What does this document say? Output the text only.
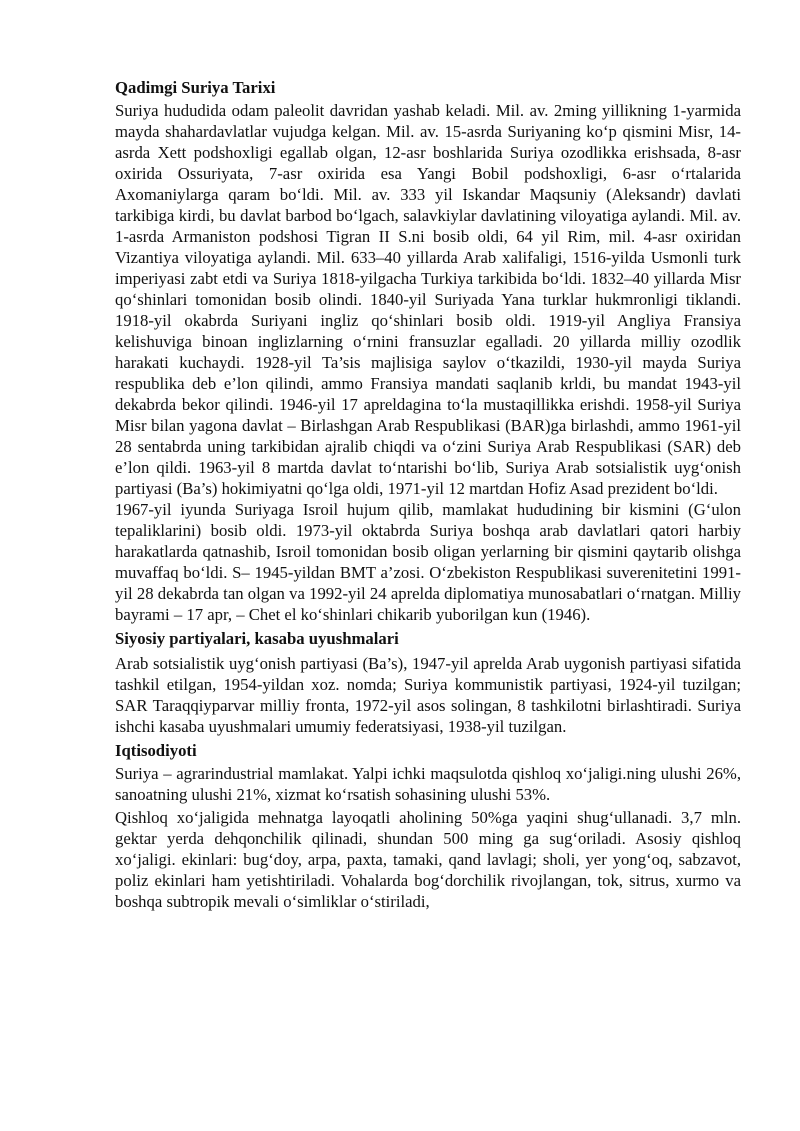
Qadimgi Suriya Tarixi

Suriya hududida odam paleolit davridan yashab keladi. Mil. av. 2ming yillikning 1-yarmida mayda shahardavlatlar vujudga kelgan. Mil. av. 15-asrda Suriyaning ko‘p qismini Misr, 14-asrda Xett podshoxligi egallab olgan, 12-asr boshlarida Suriya ozodlikka erishsada, 8-asr oxirida Ossuriyata, 7-asr oxirida esa Yangi Bobil podshoxligi, 6-asr o‘rtalarida Axomaniylarga qaram bo‘ldi. Mil. av. 333 yil Iskandar Maqsuniy (Aleksandr) davlati tarkibiga kirdi, bu davlat barbod bo‘lgach, salavkiylar davlatining viloyatiga aylandi. Mil. av. 1-asrda Armaniston podshosi Tigran II S.ni bosib oldi, 64 yil Rim, mil. 4-asr oxiridan Vizantiya viloyatiga aylandi. Mil. 633–40 yillarda Arab xalifaligi, 1516-yilda Usmonli turk imperiyasi zabt etdi va Suriya 1818-yilgacha Turkiya tarkibida bo‘ldi. 1832–40 yillarda Misr qo‘shinlari tomonidan bosib olindi. 1840-yil Suriyada Yana turklar hukmronligi tiklandi. 1918-yil okabrda Suriyani ingliz qo‘shinlari bosib oldi. 1919-yil Angliya Fransiya kelishuviga binoan inglizlarning o‘rnini fransuzlar egalladi. 20 yillarda milliy ozodlik harakati kuchaydi. 1928-yil Ta’sis majlisiga saylov o‘tkazildi, 1930-yil mayda Suriya respublika deb e’lon qilindi, ammo Fransiya mandati saqlanib krldi, bu mandat 1943-yil dekabrda bekor qilindi. 1946-yil 17 apreldagina to‘la mustaqillikka erishdi. 1958-yil Suriya Misr bilan yagona davlat – Birlashgan Arab Respublikasi (BAR)ga birlashdi, ammo 1961-yil 28 sentabrda uning tarkibidan ajralib chiqdi va o‘zini Suriya Arab Respublikasi (SAR) deb e’lon qildi. 1963-yil 8 martda davlat to‘ntarishi bo‘lib, Suriya Arab sotsialistik uyg‘onish partiyasi (Ba’s) hokimiyatni qo‘lga oldi, 1971-yil 12 martdan Hofiz Asad prezident bo‘ldi.

1967-yil iyunda Suriyaga Isroil hujum qilib, mamlakat hududining bir kismini (G‘ulon tepaliklarini) bosib oldi. 1973-yil oktabrda Suriya boshqa arab davlatlari qatori harbiy harakatlarda qatnashib, Isroil tomonidan bosib oligan yerlarning bir qismini qaytarib olishga muvaffaq bo‘ldi. S– 1945-yildan BMT a’zosi. O‘zbekiston Respublikasi suverenitetini 1991-yil 28 dekabrda tan olgan va 1992-yil 24 aprelda diplomatiya munosabatlari o‘rnatgan. Milliy bayrami – 17 apr, – Chet el ko‘shinlari chikarib yuborilgan kun (1946).

Siyosiy partiyalari, kasaba uyushmalari

Arab sotsialistik uyg‘onish partiyasi (Ba’s), 1947-yil aprelda Arab uygonish partiyasi sifatida tashkil etilgan, 1954-yildan xoz. nomda; Suriya kommunistik partiyasi, 1924-yil tuzilgan; SAR Taraqqiyparvar milliy fronta, 1972-yil asos solingan, 8 tashkilotni birlashtiradi. Suriya ishchi kasaba uyushmalari umumiy federatsiyasi, 1938-yil tuzilgan.

Iqtisodiyoti

Suriya – agrarindustrial mamlakat. Yalpi ichki maqsulotda qishloq xo‘jaligi.ning ulushi 26%, sanoatning ulushi 21%, xizmat ko‘rsatish sohasining ulushi 53%.

Qishloq xo‘jaligida mehnatga layoqatli aholining 50%ga yaqini shug‘ullanadi. 3,7 mln. gektar yerda dehqonchilik qilinadi, shundan 500 ming ga sug‘oriladi. Asosiy qishloq xo‘jaligi. ekinlari: bug‘doy, arpa, paxta, tamaki, qand lavlagi; sholi, yer yong‘oq, sabzavot, poliz ekinlari ham yetishtiriladi. Vohalarda bog‘dorchilik rivojlangan, tok, sitrus, xurmo va boshqa subtropik mevali o‘simliklar o‘stiriladi,
